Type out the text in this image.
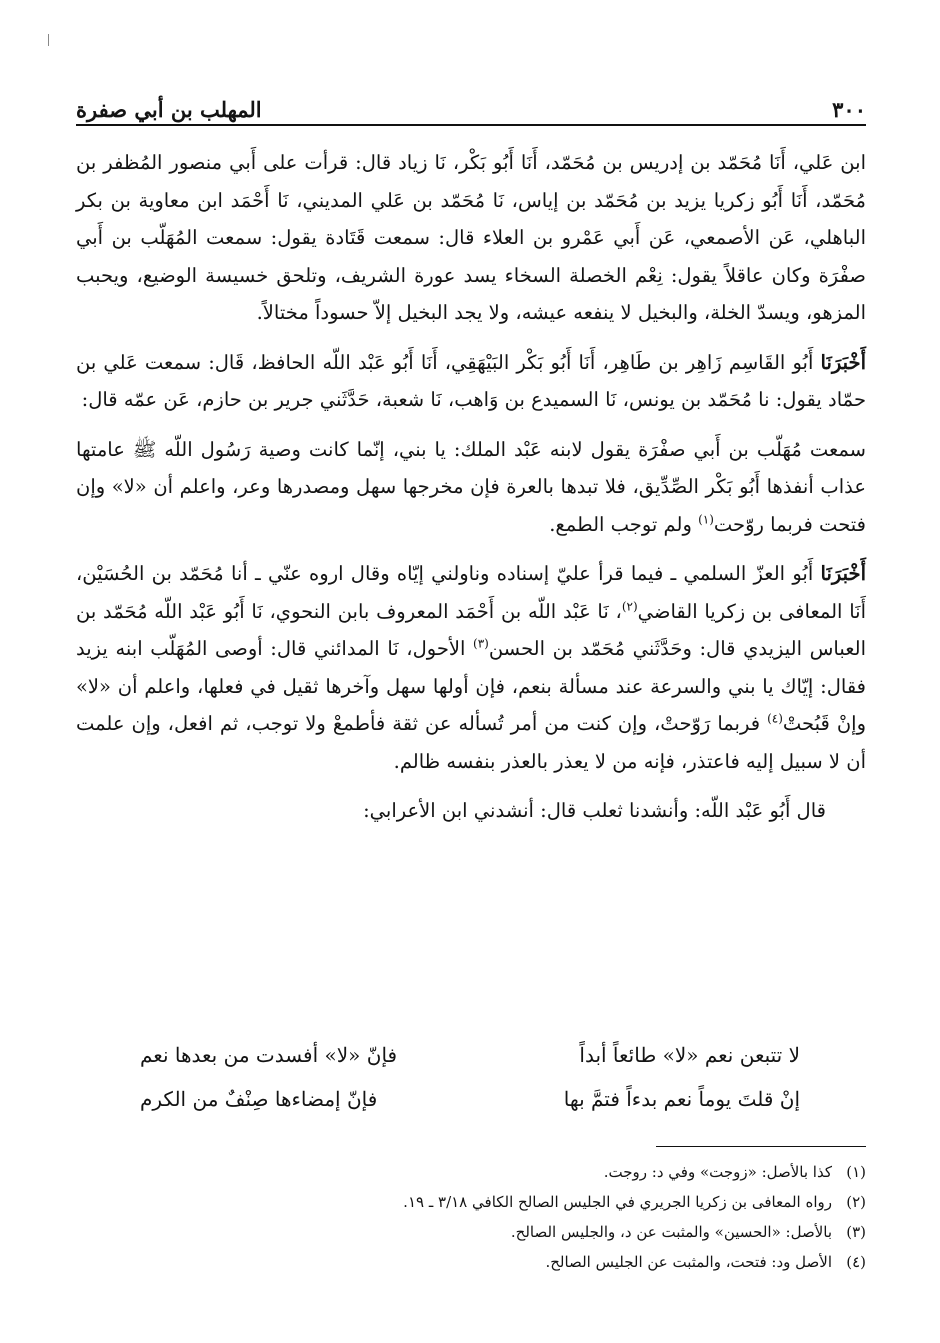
٣٠٠
المهلب بن أبي صفرة

ابن عَلي، أَنَا مُحَمّد بن إدريس بن مُحَمّد، أَنَا أَبُو بَكْر، نَا زياد قال: قرأت على أَبي منصور المُظفر بن مُحَمّد، أَنَا أَبُو زكريا يزيد بن مُحَمّد بن إياس، نَا مُحَمّد بن عَلي المديني، نَا أَحْمَد ابن معاوية بن بكر الباهلي، عَن الأصمعي، عَن أَبي عَمْرو بن العلاء قال: سمعت قَتَادة يقول: سمعت المُهَلّب بن أَبي صفْرَة وكان عاقلاً يقول: نِعْم الخصلة السخاء يسد عورة الشريف، وتلحق خسيسة الوضيع، ويحبب المزهو، ويسدّ الخلة، والبخيل لا ينفعه عيشه، ولا يجد البخيل إلاّ حسوداً مختالاً.

أَخْبَرَنَا أَبُو القَاسِم زَاهِر بن طَاهِر، أَنَا أَبُو بَكْر البَيْهَقِي، أَنَا أَبُو عَبْد اللّه الحافظ، قَال: سمعت عَلي بن حمّاد يقول: نا مُحَمّد بن يونس، نَا السميدع بن وَاهب، نَا شعبة، حَدَّثَني جرير بن حازم، عَن عمّه قال:

سمعت مُهَلّب بن أَبي صفْرَة يقول لابنه عَبْد الملك: يا بني، إنّما كانت وصية رَسُول اللّه ﷺ عامتها عذاب أنفذها أَبُو بَكْر الصِّدِّيق، فلا تبدها بالعرة فإن مخرجها سهل ومصدرها وعر، واعلم أن «لا» وإن فتحت فربما روّحت$^{(١)}$ ولم توجب الطمع.

أَخْبَرَنَا أَبُو العزّ السلمي ـ فيما قرأ عليّ إسناده وناولني إيّاه وقال اروه عنّي ـ أنا مُحَمّد بن الحُسَيْن، أَنَا المعافى بن زكريا القاضي$^{(٢)}$، نَا عَبْد اللّه بن أَحْمَد المعروف بابن النحوي، نَا أَبُو عَبْد اللّه مُحَمّد بن العباس اليزيدي قال: وحَدَّثَني مُحَمّد بن الحسن$^{(٣)}$ الأحول، نَا المدائني قال: أوصى المُهَلّب ابنه يزيد فقال: إيّاك يا بني والسرعة عند مسألة بنعم، فإن أولها سهل وآخرها ثقيل في فعلها، واعلم أن «لا» وإنْ قَبُحتْ$^{(٤)}$ فربما رَوّحتْ، وإن كنت من أمر تُسأله عن ثقة فأطمعْ ولا توجب، ثم افعل، وإن علمت أن لا سبيل إليه فاعتذر، فإنه من لا يعذر بالعذر بنفسه ظالم.

قال أَبُو عَبْد اللّه: وأنشدنا ثعلب قال: أنشدني ابن الأعرابي:

لا تتبعن نعم «لا» طائعاً أبداً
فإنّ «لا» أفسدت من بعدها نعم
إنْ قلتَ يوماً نعم بدءاً فتمَّ بها
فإنّ إمضاءها صِنْفٌ من الكرم
(١)كذا بالأصل: «زوجت» وفي د: روجت.
(٢)رواه المعافى بن زكريا الجريري في الجليس الصالح الكافي ٣/١٨ ـ ١٩.
(٣)بالأصل: «الحسين» والمثبت عن د، والجليس الصالح.
(٤)الأصل ود: فتحت، والمثبت عن الجليس الصالح.
